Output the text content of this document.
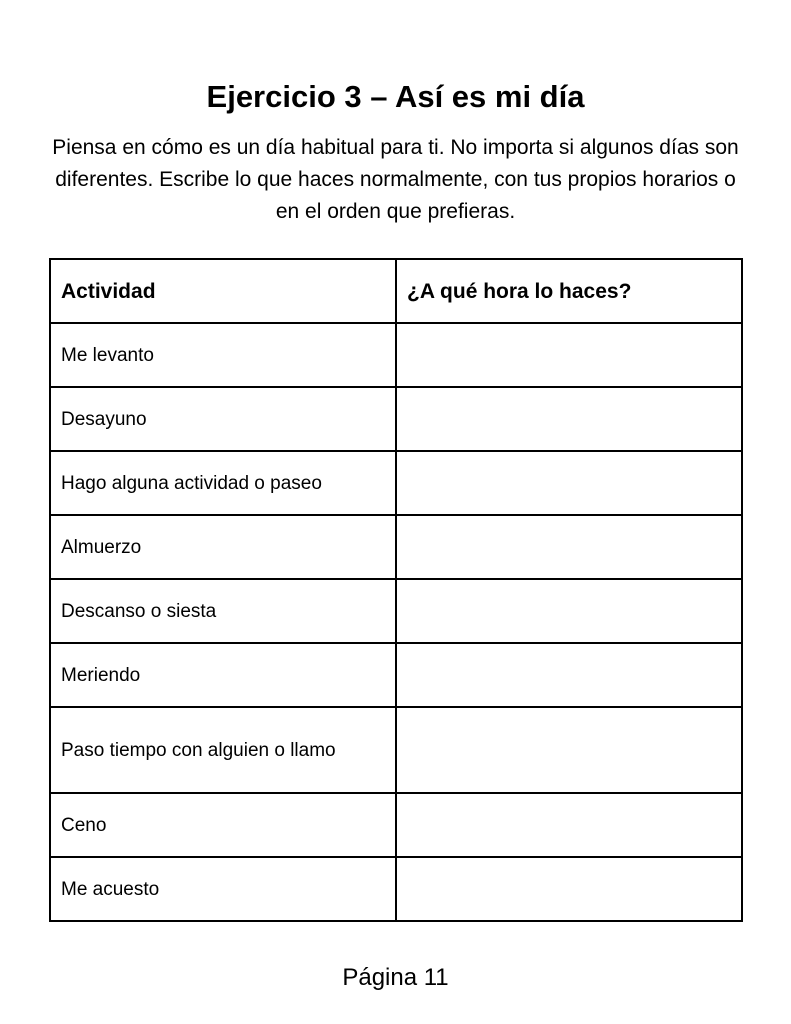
Ejercicio 3 – Así es mi día

Piensa en cómo es un día habitual para ti. No importa si algunos días son diferentes. Escribe lo que haces normalmente, con tus propios horarios o en el orden que prefieras.

Actividad	¿A qué hora lo haces?
Me levanto	
Desayuno	
Hago alguna actividad o paseo	
Almuerzo	
Descanso o siesta	
Meriendo	
Paso tiempo con alguien o llamo	
Ceno	
Me acuesto	

Página 11
